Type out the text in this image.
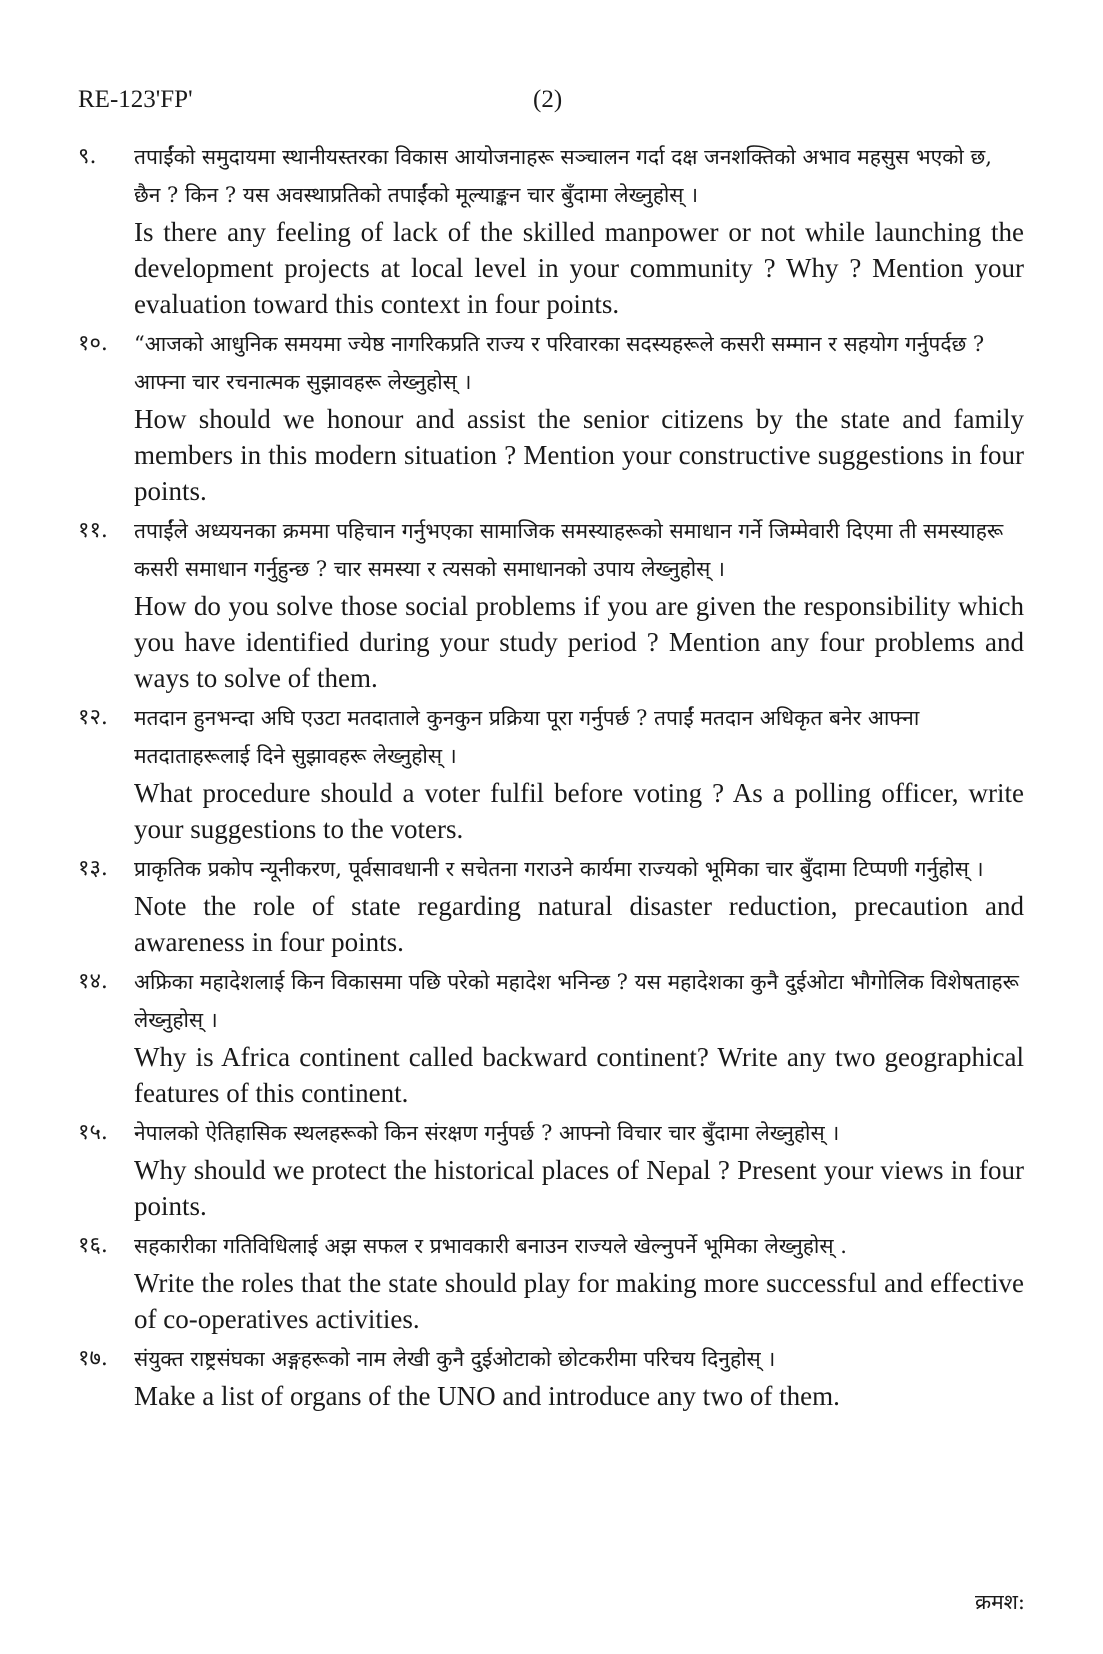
RE-123'FP'	(2)
९. तपाईंको समुदायमा स्थानीयस्तरका विकास आयोजनाहरू सञ्चालन गर्दा दक्ष जनशक्तिको अभाव महसुस भएको छ, छैन ? किन ? यस अवस्थाप्रतिको तपाईंको मूल्याङ्कन चार बुँदामा लेख्नुहोस् ।

Is there any feeling of lack of the skilled manpower or not while launching the development projects at local level in your community ? Why ? Mention your evaluation toward this context in four points.

१०. “आजको आधुनिक समयमा ज्येष्ठ नागरिकप्रति राज्य र परिवारका सदस्यहरूले कसरी सम्मान र सहयोग गर्नुपर्दछ ? आफ्ना चार रचनात्मक सुझावहरू लेख्नुहोस् ।

How should we honour and assist the senior citizens by the state and family members in this modern situation ? Mention your constructive suggestions in four points.

११. तपाईंले अध्ययनका क्रममा पहिचान गर्नुभएका सामाजिक समस्याहरूको समाधान गर्ने जिम्मेवारी दिएमा ती समस्याहरू कसरी समाधान गर्नुहुन्छ ? चार समस्या र त्यसको समाधानको उपाय लेख्नुहोस् ।

How do you solve those social problems if you are given the responsibility which you have identified during your study period ? Mention any four problems and ways to solve of them.

१२. मतदान हुनभन्दा अघि एउटा मतदाताले कुनकुन प्रक्रिया पूरा गर्नुपर्छ ? तपाईं मतदान अधिकृत बनेर आफ्ना मतदाताहरूलाई दिने सुझावहरू लेख्नुहोस् ।

What procedure should a voter fulfil before voting ? As a polling officer, write your suggestions to the voters.

१३. प्राकृतिक प्रकोप न्यूनीकरण, पूर्वसावधानी र सचेतना गराउने कार्यमा राज्यको भूमिका चार बुँदामा टिप्पणी गर्नुहोस् ।

Note the role of state regarding natural disaster reduction, precaution and awareness in four points.

१४. अफ्रिका महादेशलाई किन विकासमा पछि परेको महादेश भनिन्छ ? यस महादेशका कुनै दुईओटा भौगोलिक विशेषताहरू लेख्नुहोस् ।

Why is Africa continent called backward continent? Write any two geographical features of this continent.

१५. नेपालको ऐतिहासिक स्थलहरूको किन संरक्षण गर्नुपर्छ ? आफ्नो विचार चार बुँदामा लेख्नुहोस् ।

Why should we protect the historical places of Nepal ? Present your views in four points.

१६. सहकारीका गतिविधिलाई अझ सफल र प्रभावकारी बनाउन राज्यले खेल्नुपर्ने भूमिका लेख्नुहोस् .

Write the roles that the state should play for making more successful and effective of co-operatives activities.

१७. संयुक्त राष्ट्रसंघका अङ्गहरूको नाम लेखी कुनै दुईओटाको छोटकरीमा परिचय दिनुहोस् ।

Make a list of organs of the UNO and introduce any two of them.

क्रमश:
